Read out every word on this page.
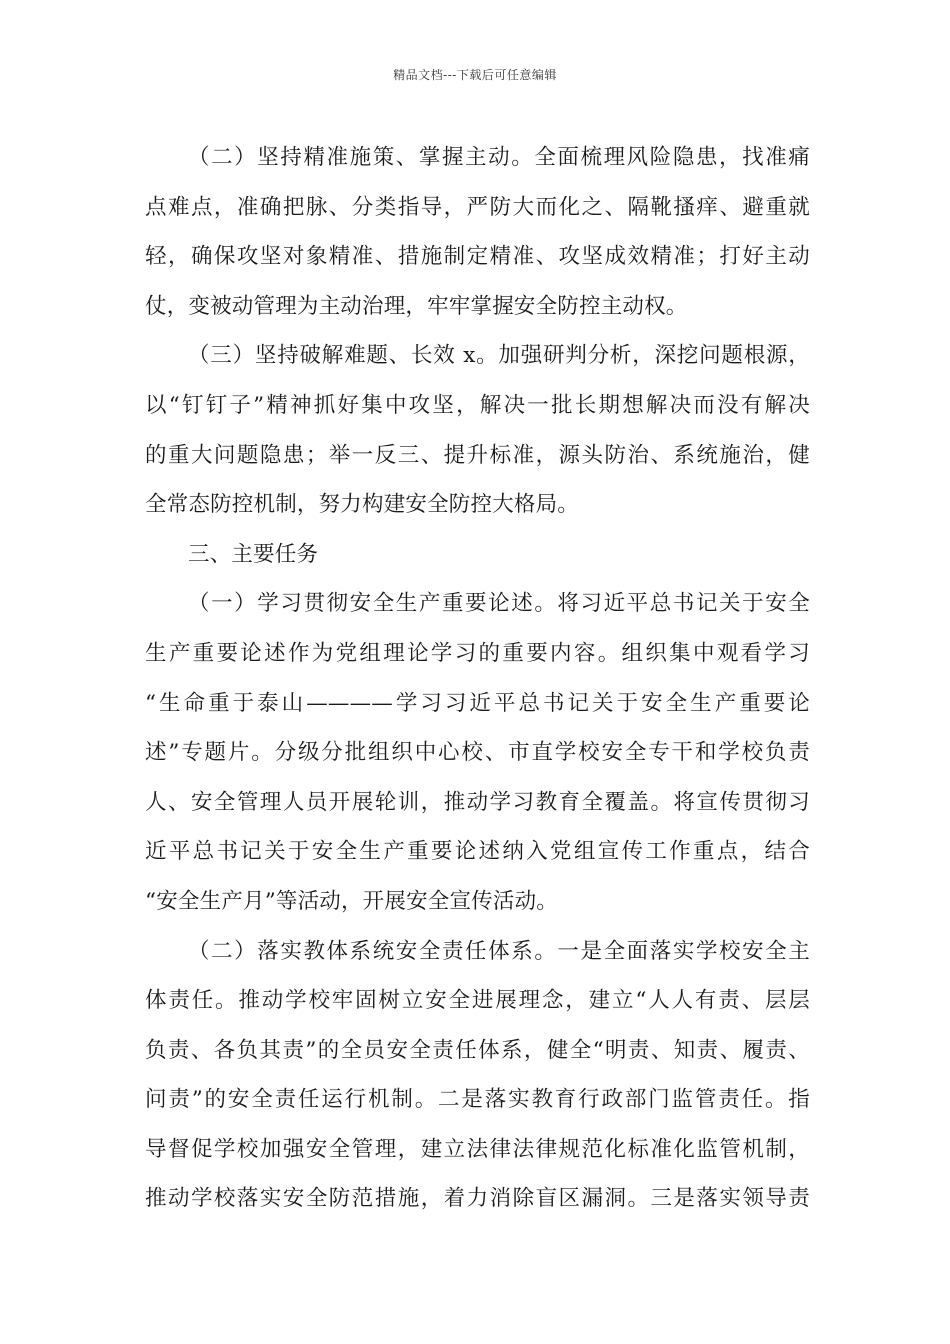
精品文档---下载后可任意编辑
（二）坚持精准施策、掌握主动。全面梳理风险隐患，找准痛
点难点，准确把脉、分类指导，严防大而化之、隔靴搔痒、避重就
轻，确保攻坚对象精准、措施制定精准、攻坚成效精准；打好主动
仗，变被动管理为主动治理，牢牢掌握安全防控主动权。
（三）坚持破解难题、长效 x。加强研判分析，深挖问题根源，
以“钉钉子”精神抓好集中攻坚，解决一批长期想解决而没有解决
的重大问题隐患；举一反三、提升标准，源头防治、系统施治，健
全常态防控机制，努力构建安全防控大格局。
三、主要任务
（一）学习贯彻安全生产重要论述。将习近平总书记关于安全
生产重要论述作为党组理论学习的重要内容。组织集中观看学习
“生命重于泰山————学习习近平总书记关于安全生产重要论
述”专题片。分级分批组织中心校、市直学校安全专干和学校负责
人、安全管理人员开展轮训，推动学习教育全覆盖。将宣传贯彻习
近平总书记关于安全生产重要论述纳入党组宣传工作重点，结合
“安全生产月”等活动，开展安全宣传活动。
（二）落实教体系统安全责任体系。一是全面落实学校安全主
体责任。推动学校牢固树立安全进展理念，建立“人人有责、层层
负责、各负其责”的全员安全责任体系，健全“明责、知责、履责、
问责”的安全责任运行机制。二是落实教育行政部门监管责任。指
导督促学校加强安全管理，建立法律法律规范化标准化监管机制，
推动学校落实安全防范措施，着力消除盲区漏洞。三是落实领导责
